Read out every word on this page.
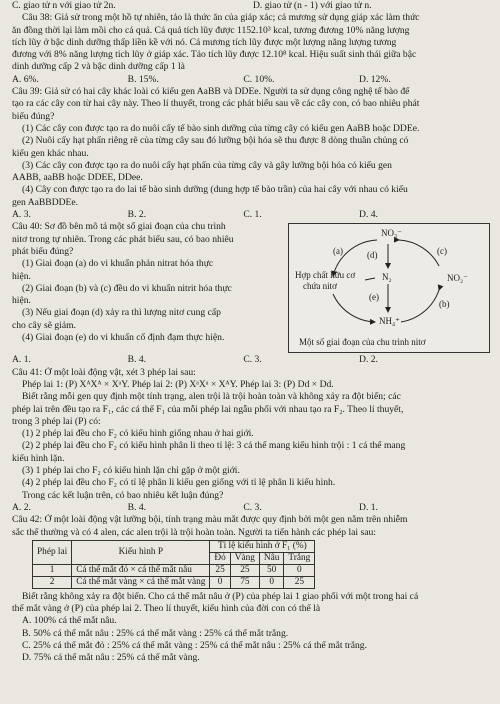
C. giao tử n với giao tử 2n.	D. giao tử (n - 1) với giao tử n.
Câu 38: Giả sử trong một hồ tự nhiên, tảo là thức ăn của giáp xác; cá mương sử dụng giáp xác làm thức
ăn đồng thời lại làm mồi cho cá quả. Cá quả tích lũy được 1152.10³ kcal, tương đương 10% năng lượng
tích lũy ở bậc dinh dưỡng thấp liền kề với nó. Cá mương tích lũy được một lượng năng lượng tương
đương với 8% năng lượng tích lũy ở giáp xác. Tảo tích lũy được 12.10⁸ kcal. Hiệu suất sinh thái giữa bậc
dinh dưỡng cấp 2 và bậc dinh dưỡng cấp 1 là
A. 6%.	B. 15%.	C. 10%.	D. 12%.
Câu 39: Giả sử có hai cây khác loài có kiểu gen AaBB và DDEe. Người ta sử dụng công nghệ tế bào để
tạo ra các cây con từ hai cây này. Theo lí thuyết, trong các phát biểu sau về các cây con, có bao nhiêu phát
biểu đúng?
(1) Các cây con được tạo ra do nuôi cấy tế bào sinh dưỡng của từng cây có kiểu gen AaBB hoặc DDEe.
(2) Nuôi cấy hạt phấn riêng rẽ của từng cây sau đó lưỡng bội hóa sẽ thu được 8 dòng thuần chủng có
kiểu gen khác nhau.
(3) Các cây con được tạo ra do nuôi cấy hạt phấn của từng cây và gây lưỡng bội hóa có kiểu gen
AABB, aaBB hoặc DDEE, DDee.
(4) Cây con được tạo ra do lai tế bào sinh dưỡng (dung hợp tế bào trần) của hai cây với nhau có kiểu
gen AaBBDDEe.
A. 3.	B. 2.	C. 1.	D. 4.
Câu 40: Sơ đồ bên mô tả một số giai đoạn của chu trình
nitơ trong tự nhiên. Trong các phát biểu sau, có bao nhiêu
phát biểu đúng?
(1) Giai đoạn (a) do vi khuẩn phản nitrat hóa thực
hiện.
(2) Giai đoạn (b) và (c) đều do vi khuẩn nitrit hóa thực
hiện.
(3) Nếu giai đoạn (d) xảy ra thì lượng nitơ cung cấp
cho cây sẽ giảm.
(4) Giai đoạn (e) do vi khuẩn cố định đạm thực hiện.
NO₃⁻
NO₂⁻
N₂
NH₄⁺
Hợp chất hữu cơ
chứa nitơ
(a)
(b)
(c)
(d)
(e)
Một số giai đoạn của chu trình nitơ
A. 1.	B. 4.	C. 3.	D. 2.
Câu 41: Ở một loài động vật, xét 3 phép lai sau:
Phép lai 1: (P) XᴬXᴬ × XᵃY. Phép lai 2: (P) XᵃXᵃ × XᴬY. Phép lai 3: (P) Dd × Dd.
Biết rằng mỗi gen quy định một tính trạng, alen trội là trội hoàn toàn và không xảy ra đột biến; các
phép lai trên đều tạo ra F₁, các cá thể F₁ của mỗi phép lai ngẫu phối với nhau tạo ra F₂. Theo lí thuyết,
trong 3 phép lai (P) có:
(1) 2 phép lai đều cho F₂ có kiểu hình giống nhau ở hai giới.
(2) 2 phép lai đều cho F₂ có kiểu hình phân li theo tỉ lệ: 3 cá thể mang kiểu hình trội : 1 cá thể mang
kiểu hình lặn.
(3) 1 phép lai cho F₂ có kiểu hình lặn chỉ gặp ở một giới.
(4) 2 phép lai đều cho F₂ có tỉ lệ phân li kiểu gen giống với tỉ lệ phân li kiểu hình.
Trong các kết luận trên, có bao nhiêu kết luận đúng?
A. 2.	B. 4.	C. 3.	D. 1.
Câu 42: Ở một loài động vật lưỡng bội, tính trạng màu mắt được quy định bởi một gen nằm trên nhiễm
sắc thể thường và có 4 alen, các alen trội là trội hoàn toàn. Người ta tiến hành các phép lai sau:
Phép lai	Kiểu hình P	Tỉ lệ kiểu hình ở F₁ (%)			
		Đỏ	Vàng	Nâu	Trắng
1	Cá thể mắt đỏ × cá thể mắt nâu	25	25	50	0
2	Cá thể mắt vàng × cá thể mắt vàng	0	75	0	25
Biết rằng không xảy ra đột biến. Cho cá thể mắt nâu ở (P) của phép lai 1 giao phối với một trong hai cá
thể mắt vàng ở (P) của phép lai 2. Theo lí thuyết, kiểu hình của đời con có thể là
A. 100% cá thể mắt nâu.
B. 50% cá thể mắt nâu : 25% cá thể mắt vàng : 25% cá thể mắt trắng.
C. 25% cá thể mắt đỏ : 25% cá thể mắt vàng : 25% cá thể mắt nâu : 25% cá thể mắt trắng.
D. 75% cá thể mắt nâu : 25% cá thể mắt vàng.
